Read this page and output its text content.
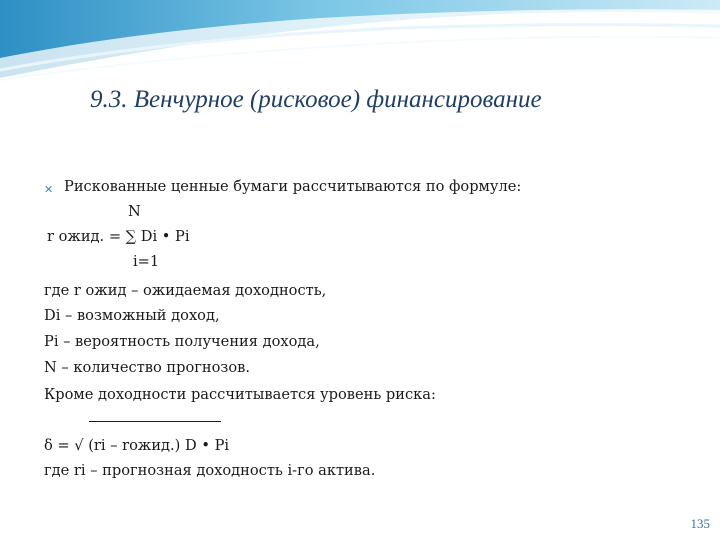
9.3. Венчурное (рисковое) финансирование
✕ Рискованные ценные бумаги рассчитываются по формуле:
N
r ожид. = ∑ Di • Pi
i=1
где r ожид – ожидаемая доходность,
Di – возможный доход,
Pi – вероятность получения дохода,
N – количество прогнозов.
Кроме доходности рассчитывается уровень риска:
δ = √ (ri – rожид.) D • Pi
где ri – прогнозная доходность i-го актива.
135
